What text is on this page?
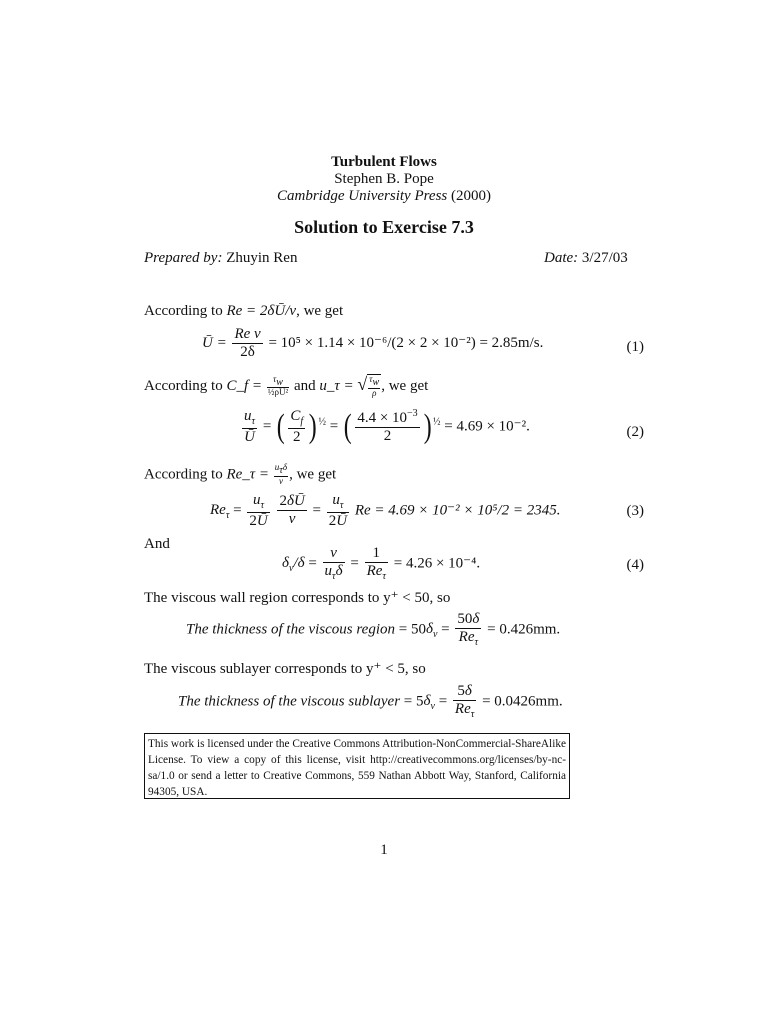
Turbulent Flows
Stephen B. Pope
Cambridge University Press (2000)
Solution to Exercise 7.3
Prepared by: Zhuyin Ren	Date: 3/27/03
According to Re = 2δŪ/ν, we get
Ū = $\frac{\text{Re ν}}{2\delta} = 10^5 \times 1.14 \times 10^{-6}/(2 \times 2 \times 10^{-2}) = 2.85m/s$.	(1)
According to C_f = $\frac{\tau_w}{\text{½ρŪ²}}$ and u_τ = √ $\frac{\tau_w}{\rho}$ , we get
$\frac{u_\tau}{Ū}$ = ( $\frac{C_f}{2}$ ) $^{\frac{1}{2}}$ = ( $\frac{4.4 \times 10^{-3}}{2}$ ) $^{\frac{1}{2}}$ = 4.69 × 10⁻².	(2)
According to Re_τ = $\frac{u_\tau\delta}{\nu}$ , we get
$Re_\tau = \frac{u_\tau}{2Ū}$
$\frac{2\delta Ū}{\nu} = \frac{u_\tau}{2Ū}$ Re = 4.69 × 10⁻² × 10⁵/2 = 2345.	(3)
And
$\delta_\nu/\delta = \frac{\nu}{u_\tau\delta} = \frac{1}{Re_\tau} = 4.26 \times 10^{-4}$.	(4)
The viscous wall region corresponds to y⁺ < 50, so
The thickness of the viscous region = $50\delta_\nu = \frac{50\delta}{Re_\tau} = 0.426mm$.
The viscous sublayer corresponds to y⁺ < 5, so
The thickness of the viscous sublayer = $5\delta_\nu = \frac{5\delta}{Re_\tau} = 0.0426mm$.
This work is licensed under the Creative Commons Attribution-NonCommercial-ShareAlike License. To view a copy of this license, visit http://creativecommons.org/licenses/by-nc-sa/1.0 or send a letter to Creative Commons, 559 Nathan Abbott Way, Stanford, California 94305, USA.
1
